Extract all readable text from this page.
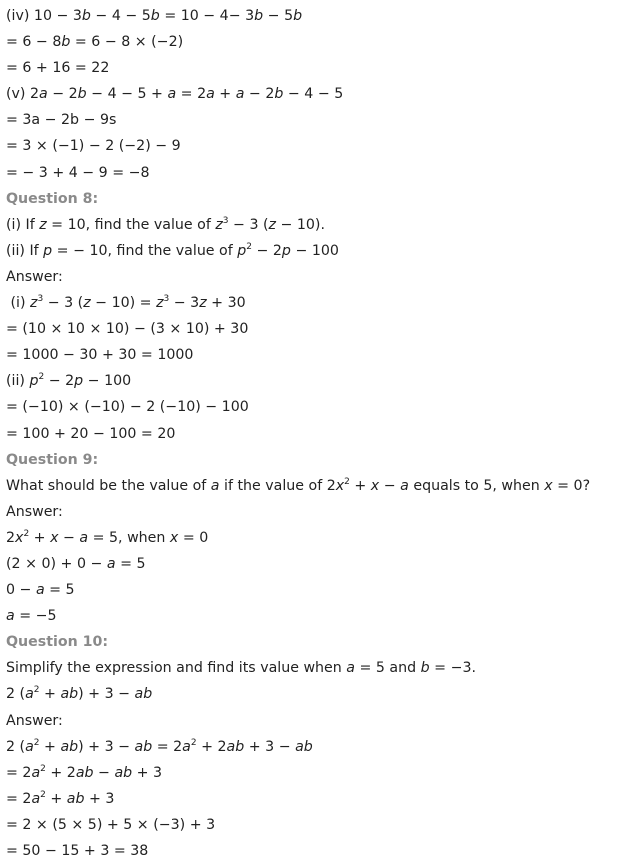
(iv) 10 − 3b − 4 − 5b = 10 − 4− 3b − 5b
= 6 − 8b = 6 − 8 × (−2)
= 6 + 16 = 22
(v) 2a − 2b − 4 − 5 + a = 2a + a − 2b − 4 − 5
= 3a − 2b − 9s
= 3 × (−1) − 2 (−2) − 9
= − 3 + 4 − 9 = −8
Question 8:
(i) If z = 10, find the value of $z^3 - 3$ (z − 10).
(ii) If p = − 10, find the value of $p^2 - 2p - 100$
Answer:
(i) $z^3 - 3$ $(z - 10) = z^3 - 3z + 30$
= (10 × 10 × 10) − (3 × 10) + 30
= 1000 − 30 + 30 = 1000
(ii) $p^2 - 2p - 100$
= (−10) × (−10) − 2 (−10) − 100
= 100 + 20 − 100 = 20
Question 9:
What should be the value of a if the value of $2x^2 + x - a$ equals to 5, when x = 0?
Answer:
$2x^2 + x - a = 5$, when x = 0
(2 × 0) + 0 − a = 5
0 − a = 5
a = −5
Question 10:
Simplify the expression and find its value when a = 5 and b = −3.
2 $(a^2 + ab) + 3$ − ab
Answer:
2 $(a^2 + ab) + 3$ − ab = $2a^2 + 2ab + 3$ − ab
= $2a^2 + 2ab$ − ab + 3
= $2a^2$ + ab + 3
= 2 × (5 × 5) + 5 × (−3) + 3
= 50 − 15 + 3 = 38
